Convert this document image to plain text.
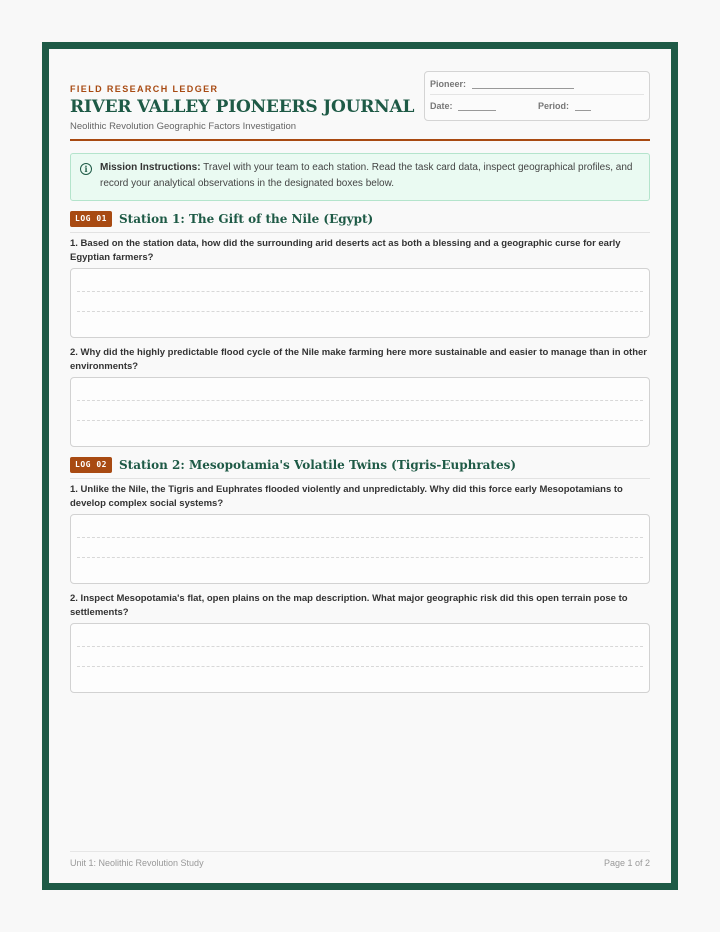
FIELD RESEARCH LEDGER
RIVER VALLEY PIONEERS JOURNAL
Neolithic Revolution Geographic Factors Investigation
Pioneer:
Date:	Period:
i	Mission Instructions: Travel with your team to each station. Read the task card data, inspect geographical profiles, and record your analytical observations in the designated boxes below.
LOG 01	Station 1: The Gift of the Nile (Egypt)
1. Based on the station data, how did the surrounding arid deserts act as both a blessing and a geographic curse for early Egyptian farmers?
2. Why did the highly predictable flood cycle of the Nile make farming here more sustainable and easier to manage than in other environments?
LOG 02	Station 2: Mesopotamia's Volatile Twins (Tigris-Euphrates)
1. Unlike the Nile, the Tigris and Euphrates flooded violently and unpredictably. Why did this force early Mesopotamians to develop complex social systems?
2. Inspect Mesopotamia's flat, open plains on the map description. What major geographic risk did this open terrain pose to settlements?
Unit 1: Neolithic Revolution Study	Page 1 of 2
